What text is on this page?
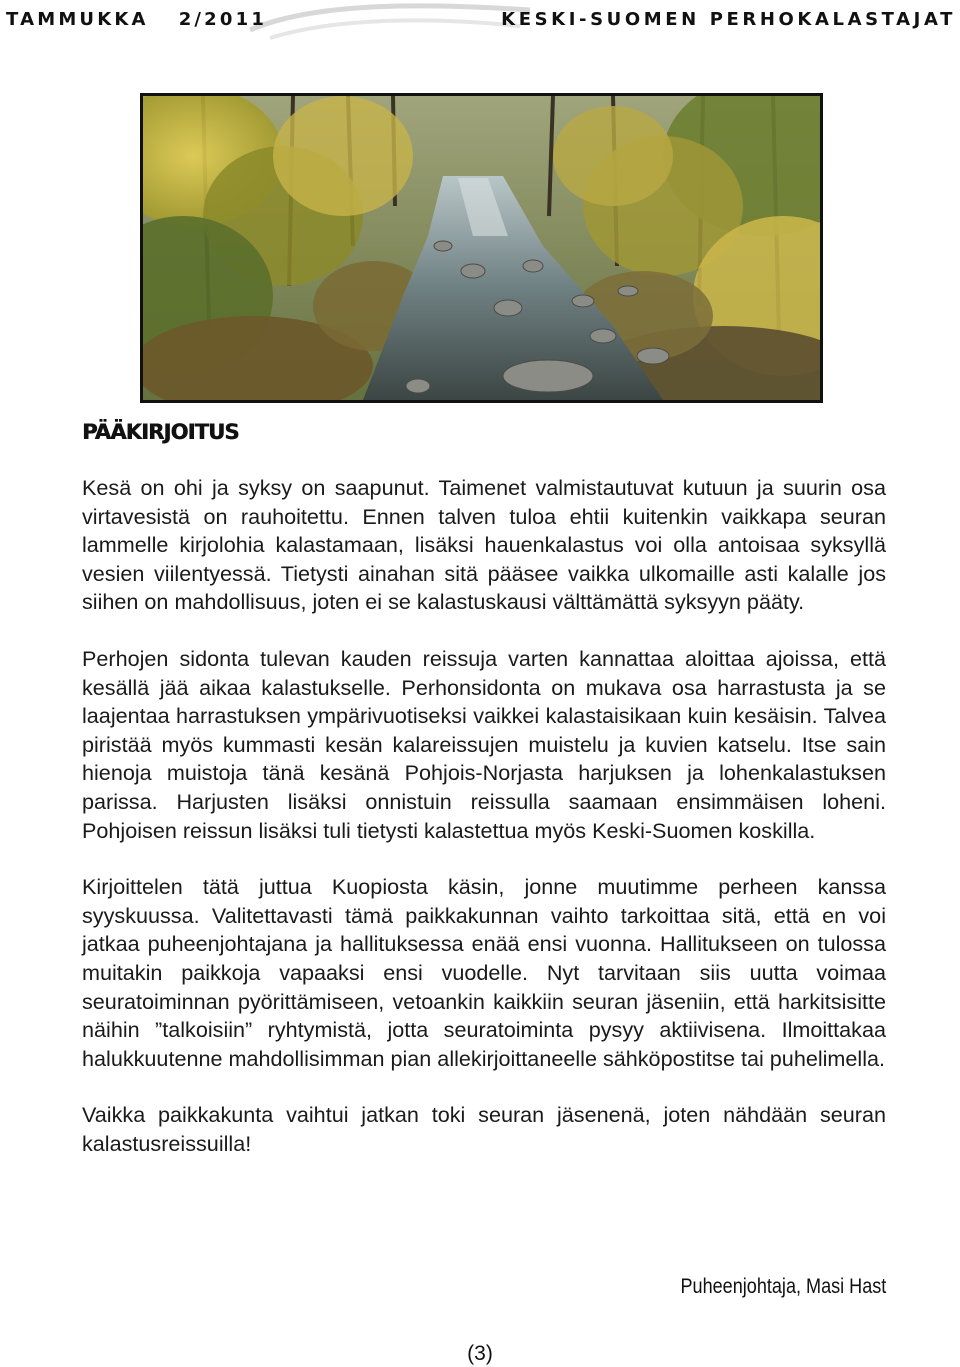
TAMMUKKA 2/2011	KESKI-SUOMEN PERHOKALASTAJAT
PÄÄKIRJOITUS

Kesä on ohi ja syksy on saapunut. Taimenet valmistautuvat kutuun ja suurin osa virtavesistä on rauhoitettu. Ennen talven tuloa ehtii kuitenkin vaikkapa seuran lammelle kirjolohia kalastamaan, lisäksi hauenkalastus voi olla antoisaa syksyllä vesien viilentyessä. Tietysti ainahan sitä pääsee vaikka ulkomaille asti kalalle jos siihen on mahdollisuus, joten ei se kalastuskausi välttämättä syksyyn pääty.

Perhojen sidonta tulevan kauden reissuja varten kannattaa aloittaa ajoissa, että kesällä jää aikaa kalastukselle. Perhonsidonta on mukava osa harrastusta ja se laajentaa harrastuksen ympärivuotiseksi vaikkei kalastaisikaan kuin kesäisin. Talvea piristää myös kummasti kesän kalareissujen muistelu ja kuvien katselu. Itse sain hienoja muistoja tänä kesänä Pohjois-Norjasta harjuksen ja lohenkalastuksen parissa. Harjusten lisäksi onnistuin reissulla saamaan ensimmäisen loheni. Pohjoisen reissun lisäksi tuli tietysti kalastettua myös Keski-Suomen koskilla.

Kirjoittelen tätä juttua Kuopiosta käsin, jonne muutimme perheen kanssa syyskuussa. Valitettavasti tämä paikkakunnan vaihto tarkoittaa sitä, että en voi jatkaa puheenjohtajana ja hallituksessa enää ensi vuonna. Hallitukseen on tulossa muitakin paikkoja vapaaksi ensi vuodelle. Nyt tarvitaan siis uutta voimaa seuratoiminnan pyörittämiseen, vetoankin kaikkiin seuran jäseniin, että harkitsisitte näihin ”talkoisiin” ryhtymistä, jotta seuratoiminta pysyy aktiivisena. Ilmoittakaa halukkuutenne mahdollisimman pian allekirjoittaneelle sähköpostitse tai puhelimella.

Vaikka paikkakunta vaihtui jatkan toki seuran jäsenenä, joten nähdään seuran kalastusreissuilla!

Puheenjohtaja, Masi Hast
(3)
